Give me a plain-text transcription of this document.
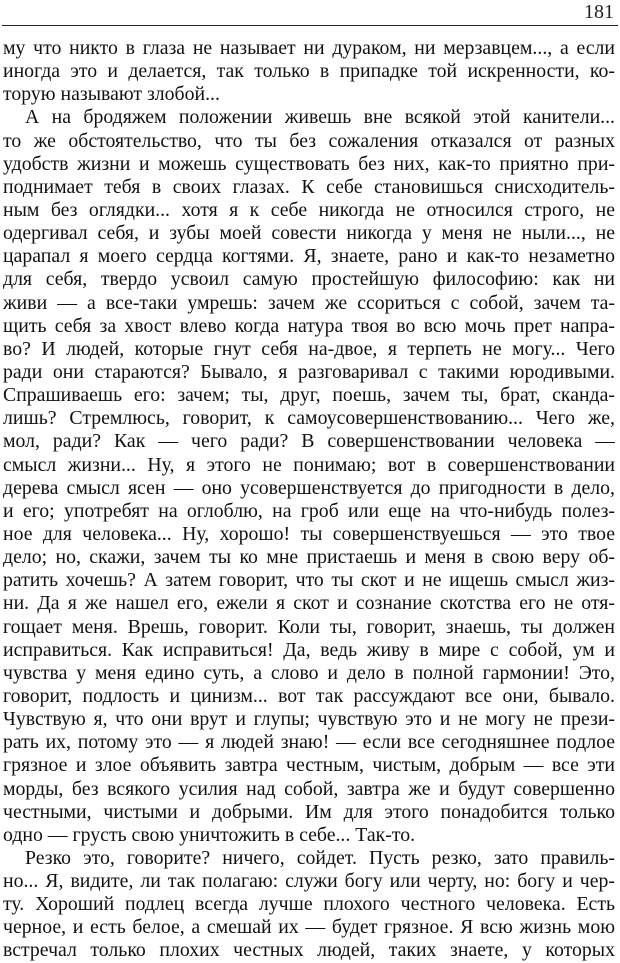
181
му что никто в глаза не называет ни дураком, ни мерзавцем..., а если
иногда это и делается, так только в припадке той искренности, ко-
торую называют злобой...
А на бродяжем положении живешь вне всякой этой канители...
то же обстоятельство, что ты без сожаления отказался от разных
удобств жизни и можешь существовать без них, как-то приятно при-
поднимает тебя в своих глазах. К себе становишься снисходитель-
ным без оглядки... хотя я к себе никогда не относился строго, не
одергивал себя, и зубы моей совести никогда у меня не ныли..., не
царапал я моего сердца когтями. Я, знаете, рано и как-то незаметно
для себя, твердо усвоил самую простейшую философию: как ни
живи — а все-таки умрешь: зачем же ссориться с собой, зачем та-
щить себя за хвост влево когда натура твоя во всю мочь прет напра-
во? И людей, которые гнут себя на-двое, я терпеть не могу... Чего
ради они стараются? Бывало, я разговаривал с такими юродивыми.
Спрашиваешь его: зачем; ты, друг, поешь, зачем ты, брат, скандa-
лишь? Стремлюсь, говорит, к самоусовершенствованию... Чего же,
мол, ради? Как — чего ради? В совершенствовании человека —
смысл жизни... Ну, я этого не понимаю; вот в совершенствовании
дерева смысл ясен — оно усовершенствуется до пригодности в дело,
и его; употребят на оглоблю, на гроб или еще на что-нибудь полез-
ное для человека... Ну, хорошо! ты совершенствуешься — это твое
дело; но, скажи, зачем ты ко мне пристаешь и меня в свою веру об-
ратить хочешь? А затем говорит, что ты скот и не ищешь смысл жиз-
ни. Да я же нашел его, ежели я скот и сознание скотства его не отя-
гощает меня. Врешь, говорит. Коли ты, говорит, знаешь, ты должен
исправиться. Как исправиться! Да, ведь живу в мире с собой, ум и
чувства у меня едино суть, а слово и дело в полной гармонии! Это,
говорит, подлость и цинизм... вот так рассуждают все они, бывало.
Чувствую я, что они врут и глупы; чувствую это и не могу не прези-
рать их, потому это — я людей знаю! — если все сегодняшнее подлое
грязное и злое объявить завтра честным, чистым, добрым — все эти
морды, без всякого усилия над собой, завтра же и будут совершенно
честными, чистыми и добрыми. Им для этого понадобится только
одно — грусть свою уничтожить в себе... Так-то.
Резко это, говорите? ничего, сойдет. Пусть резко, зато правиль-
но... Я, видите, ли так полагаю: служи богу или черту, но: богу и чер-
ту. Хороший подлец всегда лучше плохого честного человека. Есть
черное, и есть белое, а смешай их — будет грязное. Я всю жизнь мою
встречал только плохих честных людей, таких знаете, у которых
